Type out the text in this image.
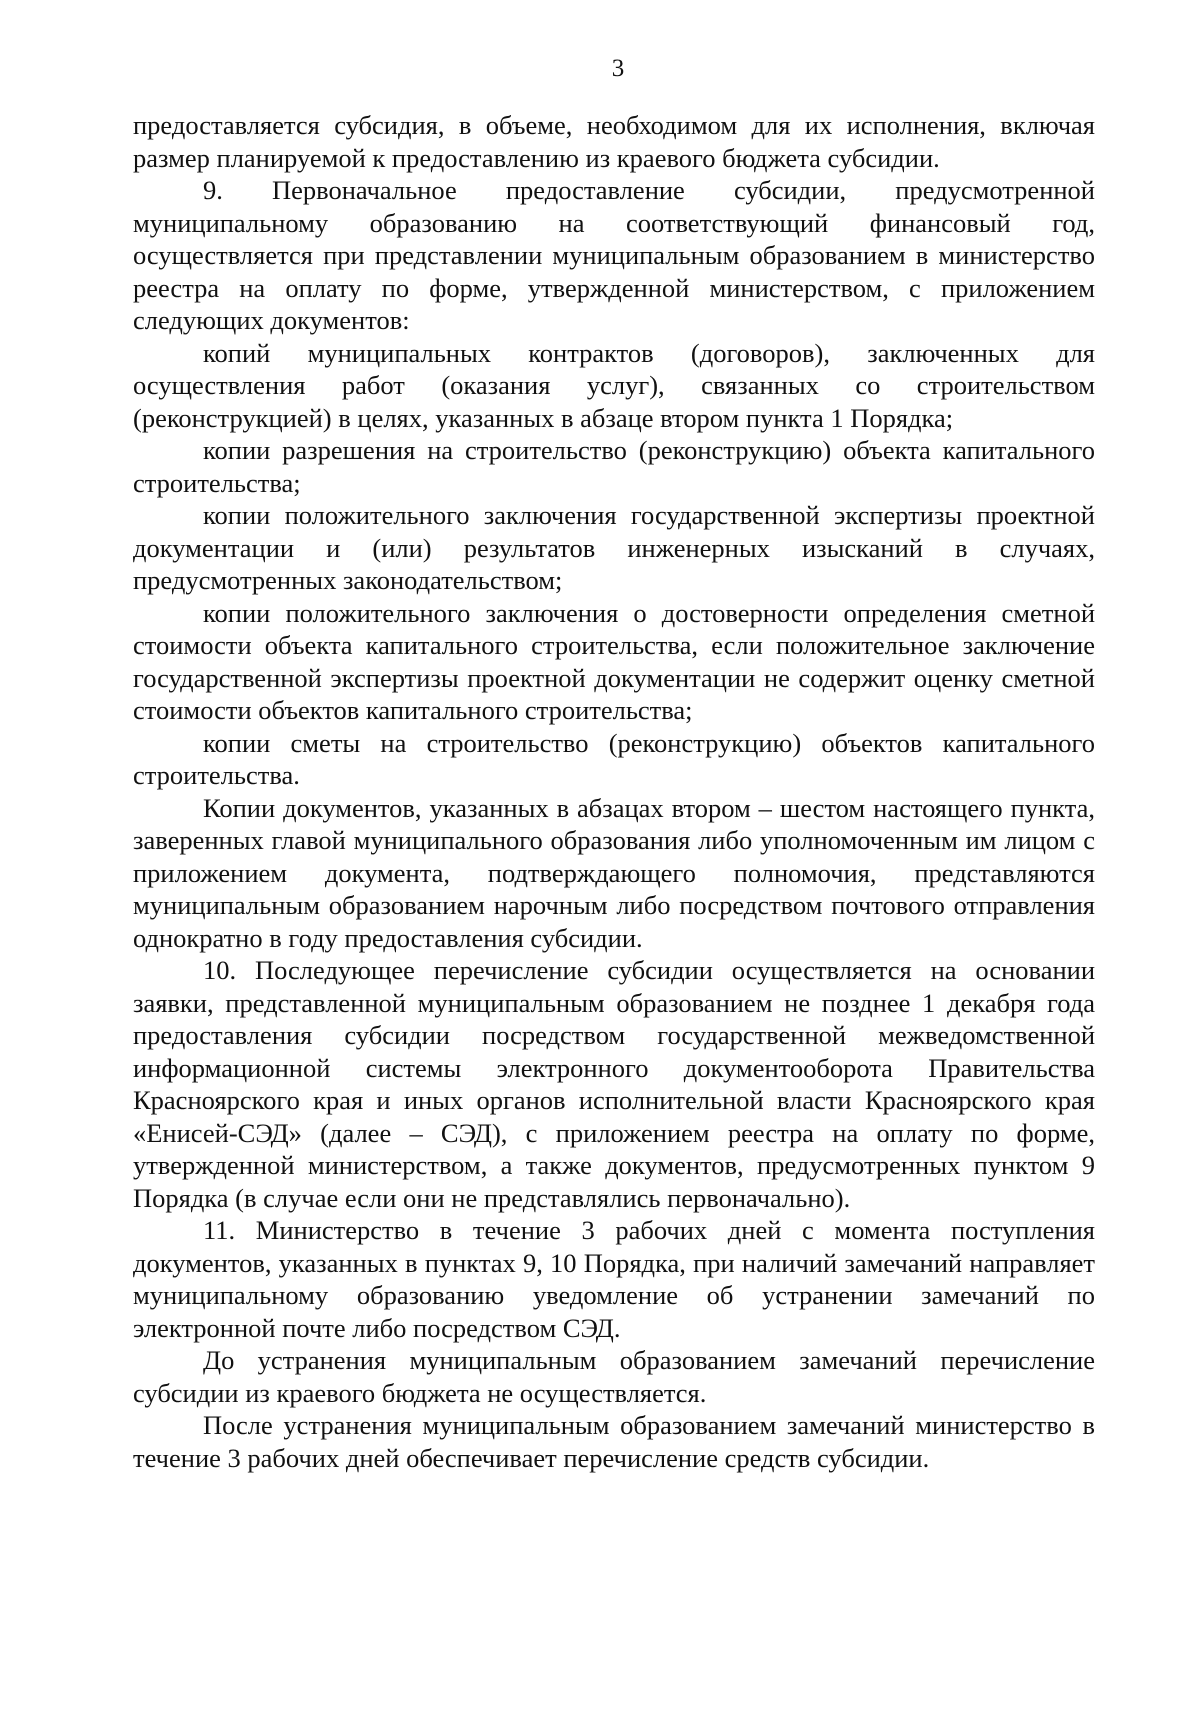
3

предоставляется субсидия, в объеме, необходимом для их исполнения, включая размер планируемой к предоставлению из краевого бюджета субсидии.

9. Первоначальное предоставление субсидии, предусмотренной муниципальному образованию на соответствующий финансовый год, осуществляется при представлении муниципальным образованием в министерство реестра на оплату по форме, утвержденной министерством, с приложением следующих документов:

копий муниципальных контрактов (договоров), заключенных для осуществления работ (оказания услуг), связанных со строительством (реконструкцией) в целях, указанных в абзаце втором пункта 1 Порядка;

копии разрешения на строительство (реконструкцию) объекта капитального строительства;

копии положительного заключения государственной экспертизы проектной документации и (или) результатов инженерных изысканий в случаях, предусмотренных законодательством;

копии положительного заключения о достоверности определения сметной стоимости объекта капитального строительства, если положительное заключение государственной экспертизы проектной документации не содержит оценку сметной стоимости объектов капитального строительства;

копии сметы на строительство (реконструкцию) объектов капитального строительства.

Копии документов, указанных в абзацах втором – шестом настоящего пункта, заверенных главой муниципального образования либо уполномоченным им лицом с приложением документа, подтверждающего полномочия, представляются муниципальным образованием нарочным либо посредством почтового отправления однократно в году предоставления субсидии.

10. Последующее перечисление субсидии осуществляется на основании заявки, представленной муниципальным образованием не позднее 1 декабря года предоставления субсидии посредством государственной межведомственной информационной системы электронного документооборота Правительства Красноярского края и иных органов исполнительной власти Красноярского края «Енисей-СЭД» (далее – СЭД), с приложением реестра на оплату по форме, утвержденной министерством, а также документов, предусмотренных пунктом 9 Порядка (в случае если они не представлялись первоначально).

11. Министерство в течение 3 рабочих дней с момента поступления документов, указанных в пунктах 9, 10 Порядка, при наличий замечаний направляет муниципальному образованию уведомление об устранении замечаний по электронной почте либо посредством СЭД.

До устранения муниципальным образованием замечаний перечисление субсидии из краевого бюджета не осуществляется.

После устранения муниципальным образованием замечаний министерство в течение 3 рабочих дней обеспечивает перечисление средств субсидии.
